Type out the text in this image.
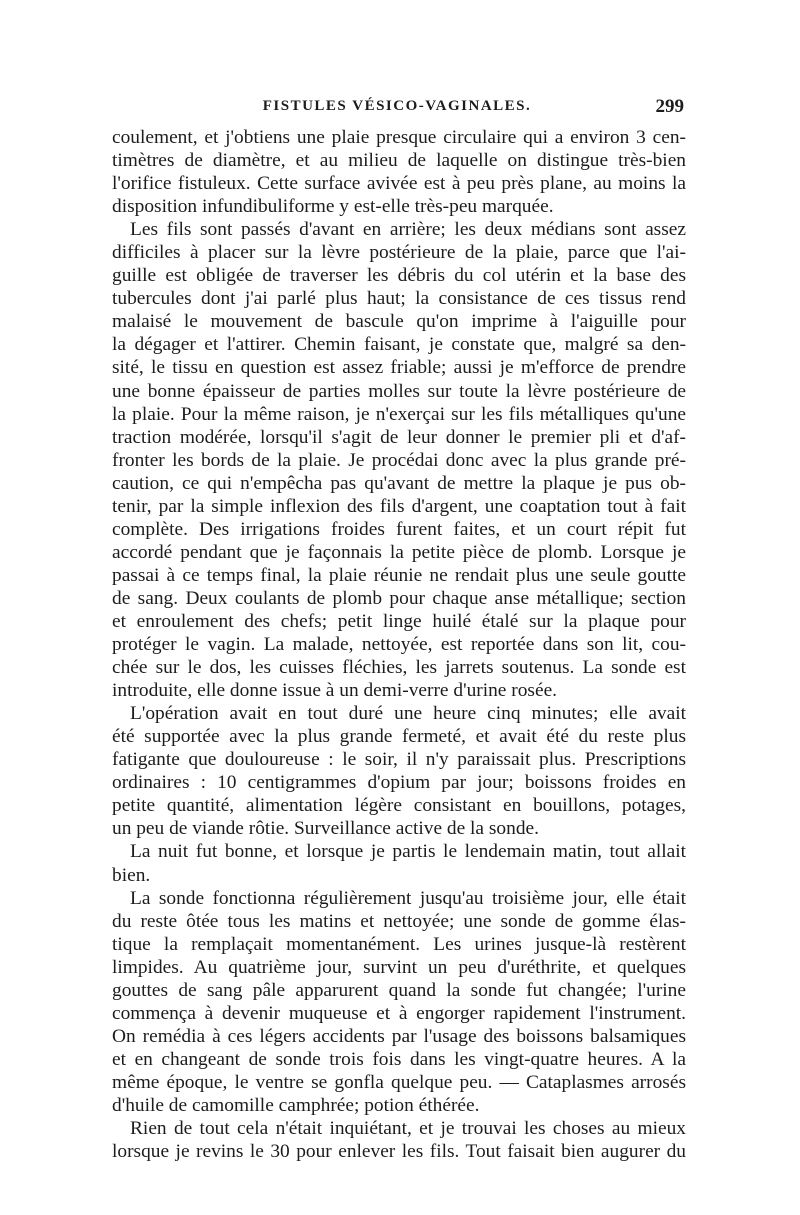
FISTULES VÉSICO-VAGINALES.	299
coulement, et j'obtiens une plaie presque circulaire qui a environ 3 cen-
timètres de diamètre, et au milieu de laquelle on distingue très-bien
l'orifice fistuleux. Cette surface avivée est à peu près plane, au moins la
disposition infundibuliforme y est-elle très-peu marquée.
Les fils sont passés d'avant en arrière; les deux médians sont assez
difficiles à placer sur la lèvre postérieure de la plaie, parce que l'ai-
guille est obligée de traverser les débris du col utérin et la base des
tubercules dont j'ai parlé plus haut; la consistance de ces tissus rend
malaisé le mouvement de bascule qu'on imprime à l'aiguille pour
la dégager et l'attirer. Chemin faisant, je constate que, malgré sa den-
sité, le tissu en question est assez friable; aussi je m'efforce de prendre
une bonne épaisseur de parties molles sur toute la lèvre postérieure de
la plaie. Pour la même raison, je n'exerçai sur les fils métalliques qu'une
traction modérée, lorsqu'il s'agit de leur donner le premier pli et d'af-
fronter les bords de la plaie. Je procédai donc avec la plus grande pré-
caution, ce qui n'empêcha pas qu'avant de mettre la plaque je pus ob-
tenir, par la simple inflexion des fils d'argent, une coaptation tout à fait
complète. Des irrigations froides furent faites, et un court répit fut
accordé pendant que je façonnais la petite pièce de plomb. Lorsque je
passai à ce temps final, la plaie réunie ne rendait plus une seule goutte
de sang. Deux coulants de plomb pour chaque anse métallique; section
et enroulement des chefs; petit linge huilé étalé sur la plaque pour
protéger le vagin. La malade, nettoyée, est reportée dans son lit, cou-
chée sur le dos, les cuisses fléchies, les jarrets soutenus. La sonde est
introduite, elle donne issue à un demi-verre d'urine rosée.
L'opération avait en tout duré une heure cinq minutes; elle avait
été supportée avec la plus grande fermeté, et avait été du reste plus
fatigante que douloureuse : le soir, il n'y paraissait plus. Prescriptions
ordinaires : 10 centigrammes d'opium par jour; boissons froides en
petite quantité, alimentation légère consistant en bouillons, potages,
un peu de viande rôtie. Surveillance active de la sonde.
La nuit fut bonne, et lorsque je partis le lendemain matin, tout allait
bien.
La sonde fonctionna régulièrement jusqu'au troisième jour, elle était
du reste ôtée tous les matins et nettoyée; une sonde de gomme élas-
tique la remplaçait momentanément. Les urines jusque-là restèrent
limpides. Au quatrième jour, survint un peu d'uréthrite, et quelques
gouttes de sang pâle apparurent quand la sonde fut changée; l'urine
commença à devenir muqueuse et à engorger rapidement l'instrument.
On remédia à ces légers accidents par l'usage des boissons balsamiques
et en changeant de sonde trois fois dans les vingt-quatre heures. A la
même époque, le ventre se gonfla quelque peu. — Cataplasmes arrosés
d'huile de camomille camphrée; potion éthérée.
Rien de tout cela n'était inquiétant, et je trouvai les choses au mieux
lorsque je revins le 30 pour enlever les fils. Tout faisait bien augurer du
